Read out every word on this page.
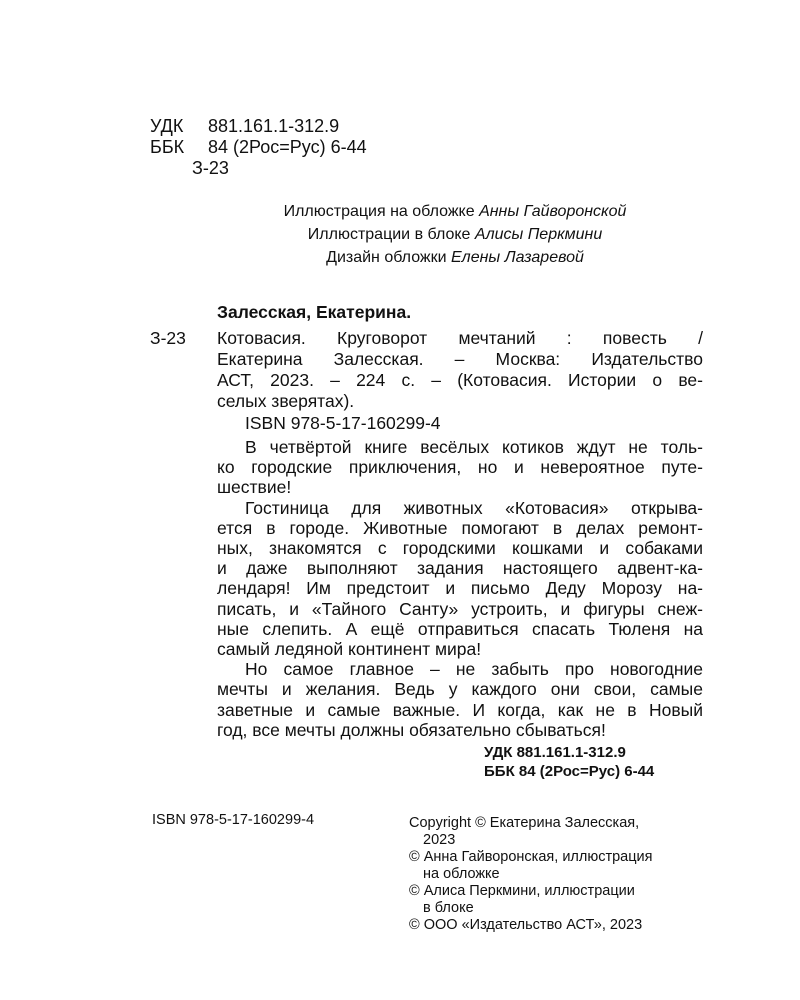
УДК 881.161.1-312.9
ББК 84 (2Рос=Рус) 6-44
З-23
Иллюстрация на обложке Анны Гайворонской
Иллюстрации в блоке Алисы Перкмини
Дизайн обложки Елены Лазаревой
Залесская, Екатерина.
З-23 Котовасия. Круговорот мечтаний : повесть /
Екатерина Залесская. – Москва: Издательство
АСТ, 2023. – 224 с. – (Котовасия. Истории о ве-
селых зверятах).
ISBN 978-5-17-160299-4
В четвёртой книге весёлых котиков ждут не толь-
ко городские приключения, но и невероятное путе-
шествие!
Гостиница для животных «Котовасия» открыва-
ется в городе. Животные помогают в делах ремонт-
ных, знакомятся с городскими кошками и собаками
и даже выполняют задания настоящего адвент-ка-
лендаря! Им предстоит и письмо Деду Морозу на-
писать, и «Тайного Санту» устроить, и фигуры снеж-
ные слепить. А ещё отправиться спасать Тюленя на
самый ледяной континент мира!
Но самое главное – не забыть про новогодние
мечты и желания. Ведь у каждого они свои, самые
заветные и самые важные. И когда, как не в Новый
год, все мечты должны обязательно сбываться!
УДК 881.161.1-312.9
ББК 84 (2Рос=Рус) 6-44
ISBN 978-5-17-160299-4	Copyright © Екатерина Залесская,
2023
© Анна Гайворонская, иллюстрация
на обложке
© Алиса Перкмини, иллюстрации
в блоке
© ООО «Издательство АСТ», 2023
